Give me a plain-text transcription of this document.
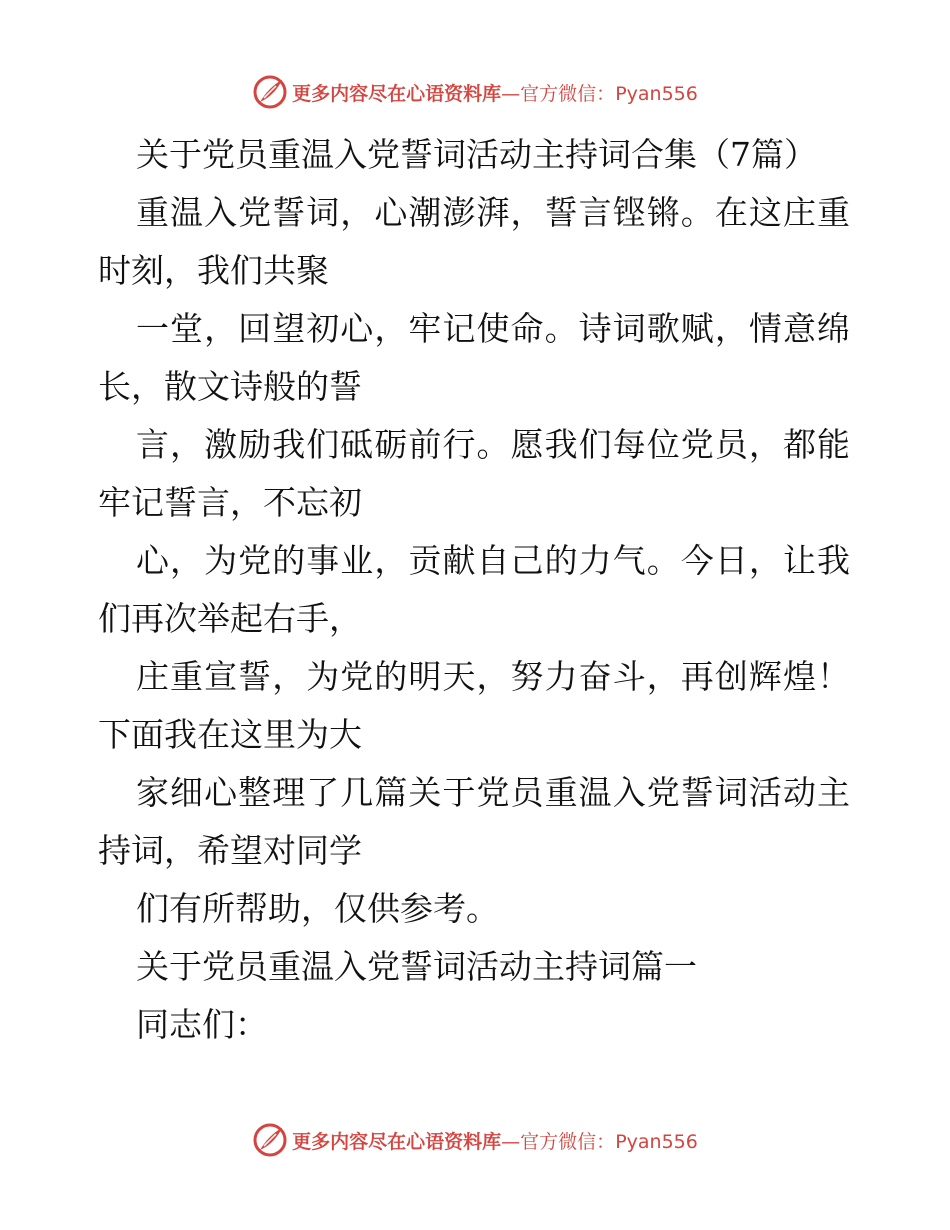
更多内容尽在心语资料库—官方微信：Pyan556
关于党员重温入党誓词活动主持词合集（7篇）
重温入党誓词，心潮澎湃，誓言铿锵。在这庄重
时刻，我们共聚
一堂，回望初心，牢记使命。诗词歌赋，情意绵
长，散文诗般的誓
言，激励我们砥砺前行。愿我们每位党员，都能
牢记誓言，不忘初
心，为党的事业，贡献自己的力气。今日，让我
们再次举起右手，
庄重宣誓，为党的明天，努力奋斗，再创辉煌！
下面我在这里为大
家细心整理了几篇关于党员重温入党誓词活动主
持词，希望对同学
们有所帮助，仅供参考。
关于党员重温入党誓词活动主持词篇一
同志们：
更多内容尽在心语资料库—官方微信：Pyan556
